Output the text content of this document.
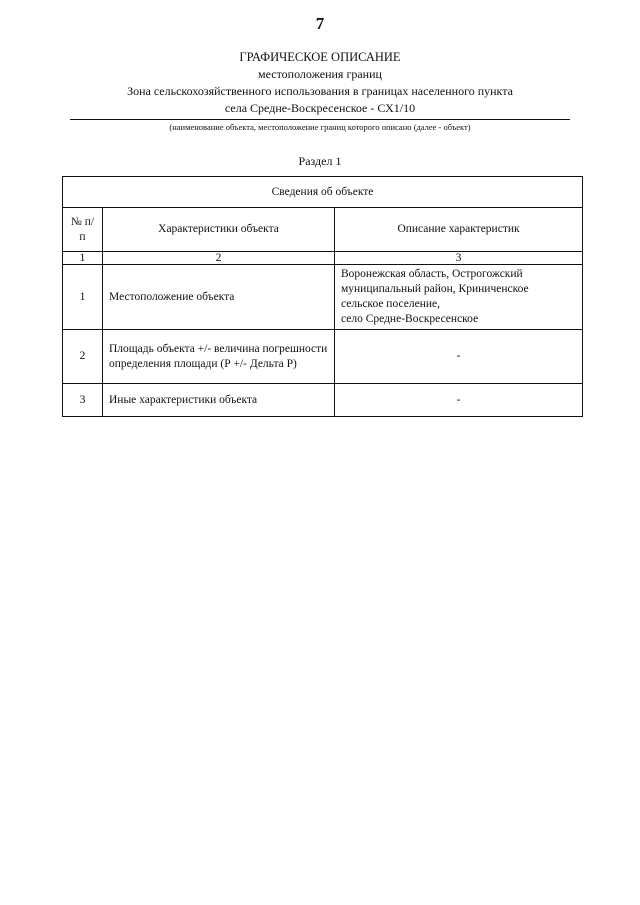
7
ГРАФИЧЕСКОЕ ОПИСАНИЕ
местоположения границ
Зона сельскохозяйственного использования в границах населенного пункта
села Средне-Воскресенское - СХ1/10
(наименование объекта, местоположение границ которого описано (далее - объект)
Раздел 1
Сведения об объекте		
№ п/п	Характеристики объекта	Описание характеристик
1	2	3
1	Местоположение объекта	Воронежская область, Острогожский
муниципальный район, Криниченское
сельское поселение,
село Средне-Воскресенское

2	Площадь объекта +/- величина погрешности определения площади (Р +/- Дельта Р)	-
3	Иные характеристики объекта	-
